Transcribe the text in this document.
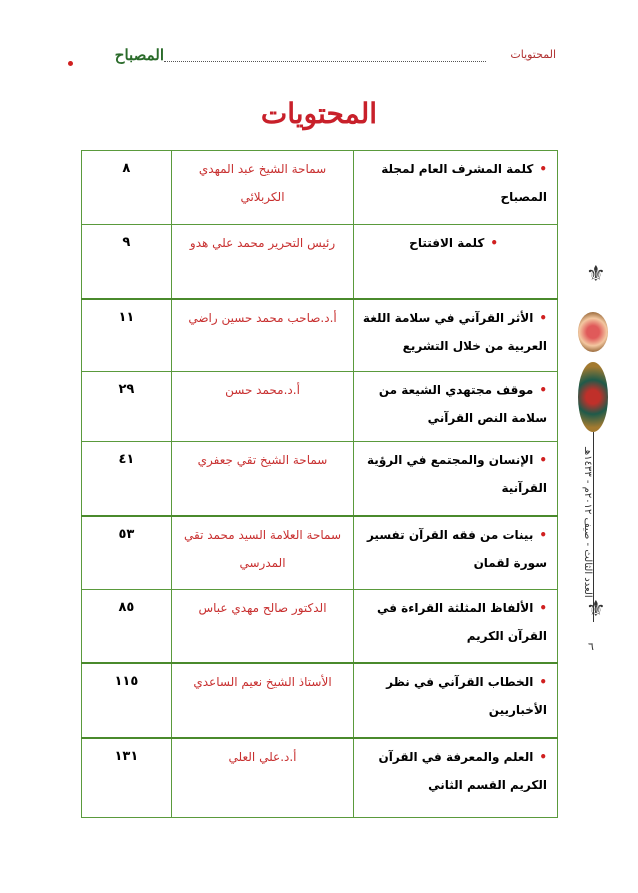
المحتويات
المصباح
المحتويات
•كلمة المشرف العام لمجلة المصباح	سماحة الشيخ عبد المهدي الكربلائي	٨
•كلمة الافتتاح	رئيس التحرير محمد علي هدو	٩
•الأثر القرآني في سلامة اللغة العربية من خلال التشريع	أ.د.صاحب محمد حسين راضي	١١
•موقف مجتهدي الشيعة من سلامة النص القرآني	أ.د.محمد حسن	٢٩
•الإنسان والمجتمع في الرؤية القرآنية	سماحة الشيخ تقي جعفري	٤١
•بينات من فقه القرآن تفسير سورة لقمان	سماحة العلامة السيد محمد تقي المدرسي	٥٣
•الألفاظ المثلثة القراءة في القرآن الكريم	الدكتور صالح مهدي عباس	٨٥
•الخطاب القرآني في نظر الأخباريين	الأستاذ الشيخ نعيم الساعدي	١١٥
•العلم والمعرفة في القرآن الكريم القسم الثاني	أ.د.علي العلي	١٣١
⚜
العدد الثالث - صيف ٢٠١٢م - ١٤٣٣هـ
⚜
٦
